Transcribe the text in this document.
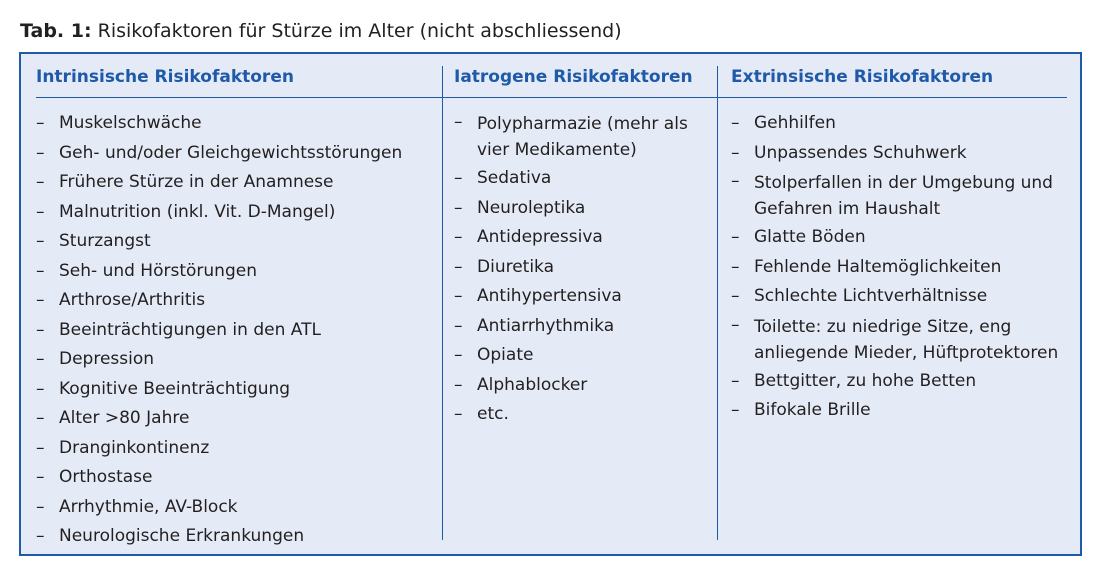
Tab. 1: Risikofaktoren für Stürze im Alter (nicht abschliessend)
Intrinsische Risikofaktoren
– Muskelschwäche
– Geh- und/oder Gleichgewichtsstörungen
– Frühere Stürze in der Anamnese
– Malnutrition (inkl. Vit. D-Mangel)
– Sturzangst
– Seh- und Hörstörungen
– Arthrose/Arthritis
– Beeinträchtigungen in den ATL
– Depression
– Kognitive Beeinträchtigung
– Alter >80 Jahre
– Dranginkontinenz
– Orthostase
– Arrhythmie, AV-Block
– Neurologische Erkrankungen
Iatrogene Risikofaktoren
– Polypharmazie (mehr als vier Medikamente)
– Sedativa
– Neuroleptika
– Antidepressiva
– Diuretika
– Antihypertensiva
– Antiarrhythmika
– Opiate
– Alphablocker
– etc.
Extrinsische Risikofaktoren
– Gehhilfen
– Unpassendes Schuhwerk
– Stolperfallen in der Umgebung und Gefahren im Haushalt
– Glatte Böden
– Fehlende Haltemöglichkeiten
– Schlechte Lichtverhältnisse
– Toilette: zu niedrige Sitze, eng anliegende Mieder, Hüftprotektoren
– Bettgitter, zu hohe Betten
– Bifokale Brille
